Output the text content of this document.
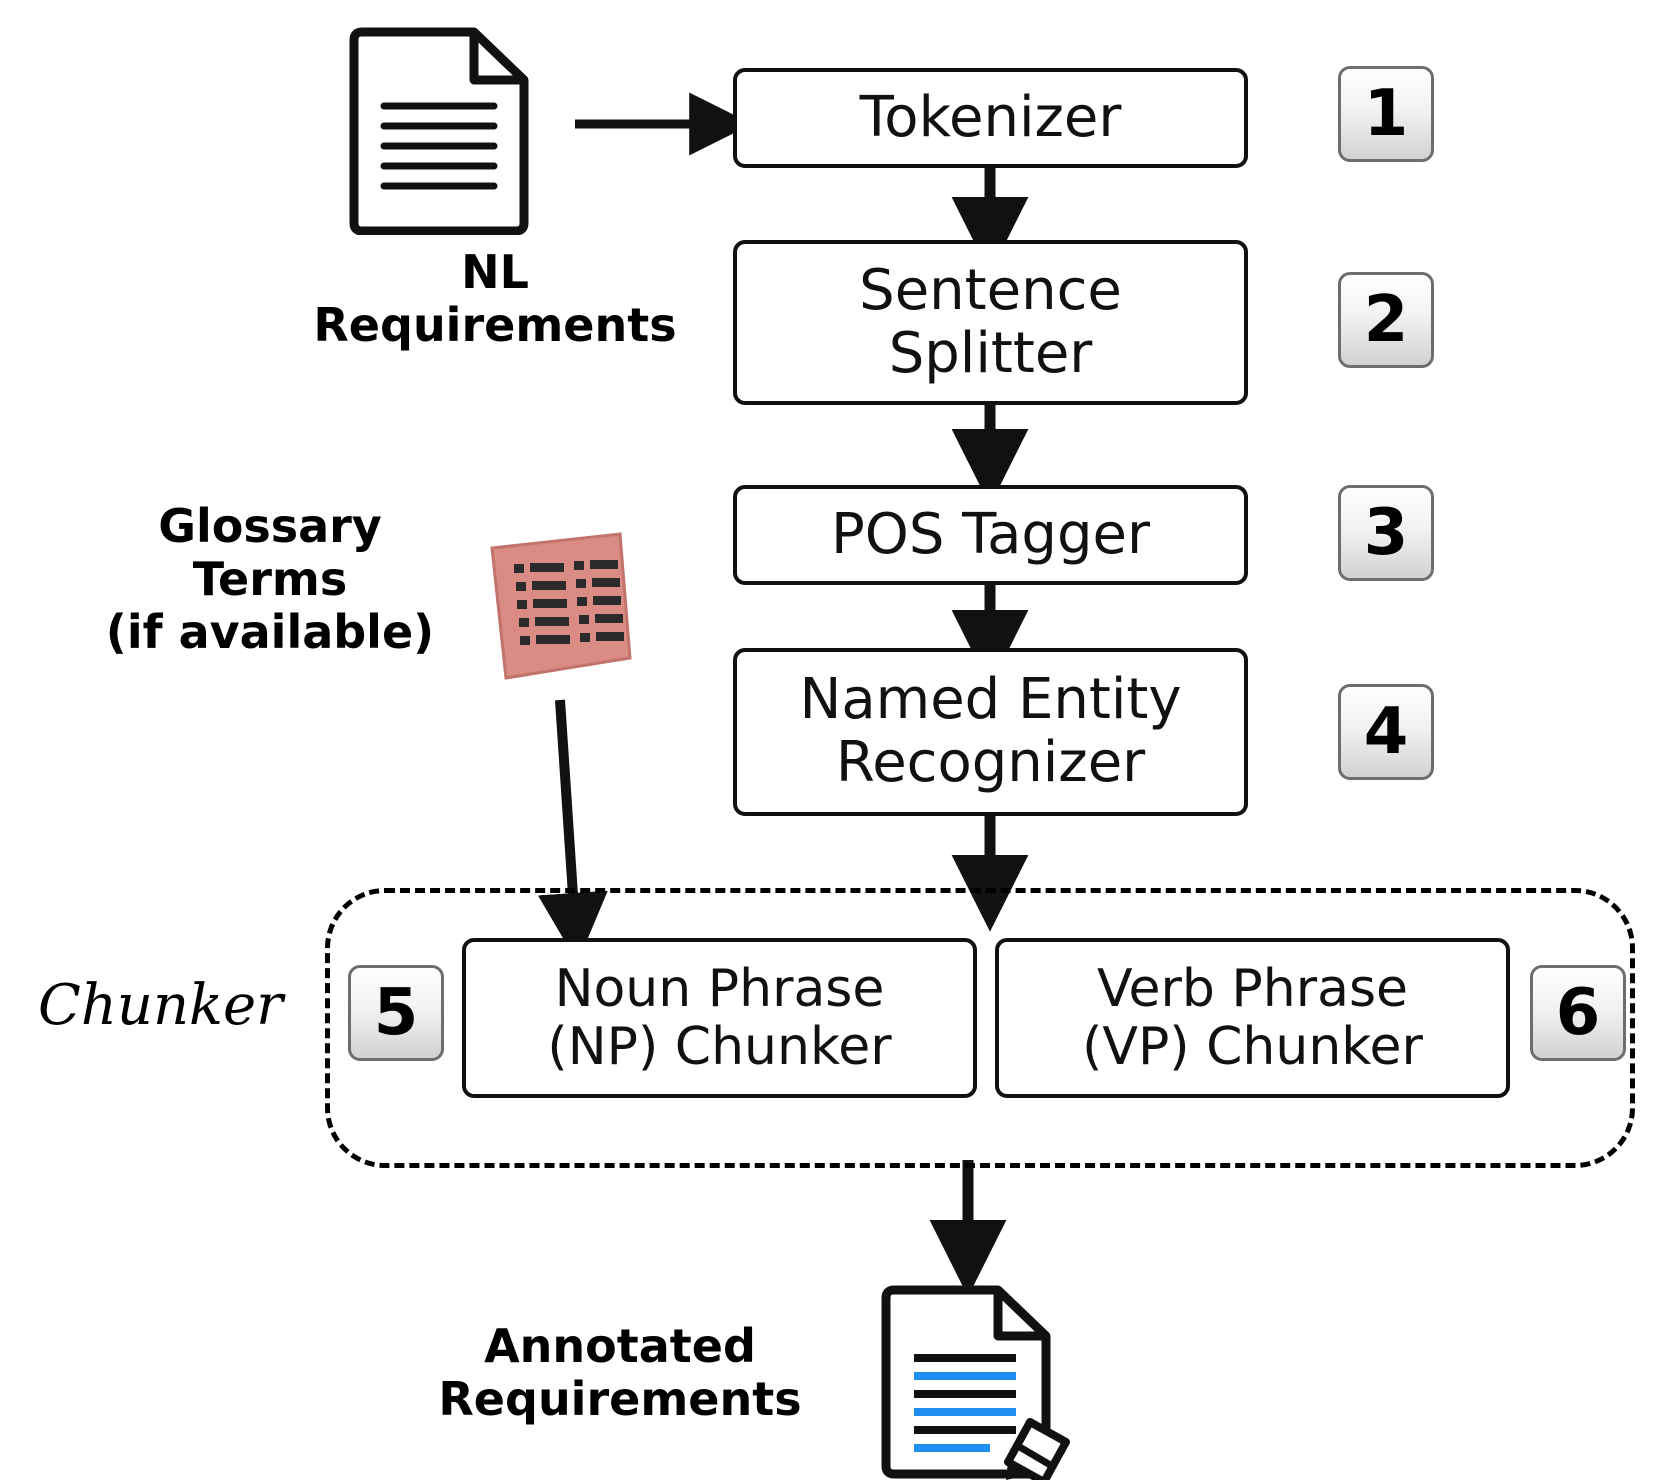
NL
Requirements
Glossary
Terms
(if available)
Tokenizer	1
Sentence
Splitter	2
POS Tagger	3
Named Entity
Recognizer	4
Chunker	5	Noun Phrase
(NP) Chunker
Verb Phrase
(VP) Chunker 6
Annotated
Requirements
